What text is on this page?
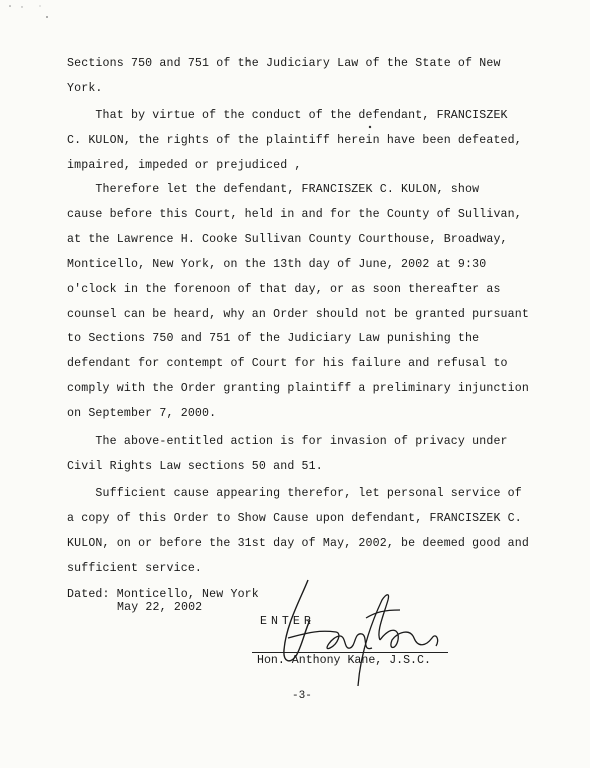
Sections 750 and 751 of the Judiciary Law of the State of New
York.
That by virtue of the conduct of the defendant, FRANCISZEK
C. KULON, the rights of the plaintiff herein have been defeated,
impaired, impeded or prejudiced ,
Therefore let the defendant, FRANCISZEK C. KULON, show
cause before this Court, held in and for the County of Sullivan,
at the Lawrence H. Cooke Sullivan County Courthouse, Broadway,
Monticello, New York, on the 13th day of June, 2002 at 9:30
o'clock in the forenoon of that day, or as soon thereafter as
counsel can be heard, why an Order should not be granted pursuant
to Sections 750 and 751 of the Judiciary Law punishing the
defendant for contempt of Court for his failure and refusal to
comply with the Order granting plaintiff a preliminary injunction
on September 7, 2000.
The above-entitled action is for invasion of privacy under
Civil Rights Law sections 50 and 51.
Sufficient cause appearing therefor, let personal service of
a copy of this Order to Show Cause upon defendant, FRANCISZEK C.
KULON, on or before the 31st day of May, 2002, be deemed good and
sufficient service.
Dated: Monticello, New York
May 22, 2002
ENTER
Hon. Anthony Kane, J.S.C.
-3-
